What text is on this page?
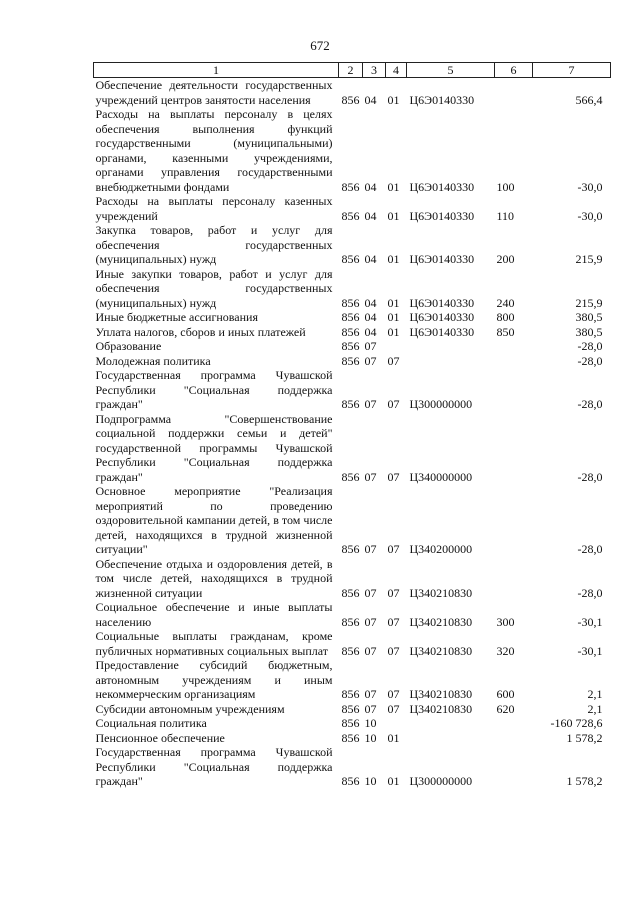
672
1	2	3	4	5	6	7
Обеспечение деятельности государственных учреждений центров занятости населения	856	04	01	Ц6Э0140330		566,4
Расходы на выплаты персоналу в целях обеспечения выполнения функций государственными (муниципальными) органами, казенными учреждениями, органами управления государственными внебюджетными фондами	856	04	01	Ц6Э0140330	100	-30,0
Расходы на выплаты персоналу казенных учреждений	856	04	01	Ц6Э0140330	110	-30,0
Закупка товаров, работ и услуг для обеспечения государственных (муниципальных) нужд	856	04	01	Ц6Э0140330	200	215,9
Иные закупки товаров, работ и услуг для обеспечения государственных (муниципальных) нужд	856	04	01	Ц6Э0140330	240	215,9
Иные бюджетные ассигнования	856	04	01	Ц6Э0140330	800	380,5
Уплата налогов, сборов и иных платежей	856	04	01	Ц6Э0140330	850	380,5
Образование	856	07				-28,0
Молодежная политика	856	07	07			-28,0
Государственная программа Чувашской Республики "Социальная поддержка граждан"	856	07	07	Ц300000000		-28,0
Подпрограмма "Совершенствование социальной поддержки семьи и детей" государственной программы Чувашской Республики "Социальная поддержка граждан"	856	07	07	Ц340000000		-28,0
Основное мероприятие "Реализация мероприятий по проведению оздоровительной кампании детей, в том числе детей, находящихся в трудной жизненной ситуации"	856	07	07	Ц340200000		-28,0
Обеспечение отдыха и оздоровления детей, в том числе детей, находящихся в трудной жизненной ситуации	856	07	07	Ц340210830		-28,0
Социальное обеспечение и иные выплаты населению	856	07	07	Ц340210830	300	-30,1
Социальные выплаты гражданам, кроме публичных нормативных социальных выплат	856	07	07	Ц340210830	320	-30,1
Предоставление субсидий бюджетным, автономным учреждениям и иным некоммерческим организациям	856	07	07	Ц340210830	600	2,1
Субсидии автономным учреждениям	856	07	07	Ц340210830	620	2,1
Социальная политика	856	10				-160 728,6
Пенсионное обеспечение	856	10	01			1 578,2
Государственная программа Чувашской Республики "Социальная поддержка граждан"	856	10	01	Ц300000000		1 578,2
